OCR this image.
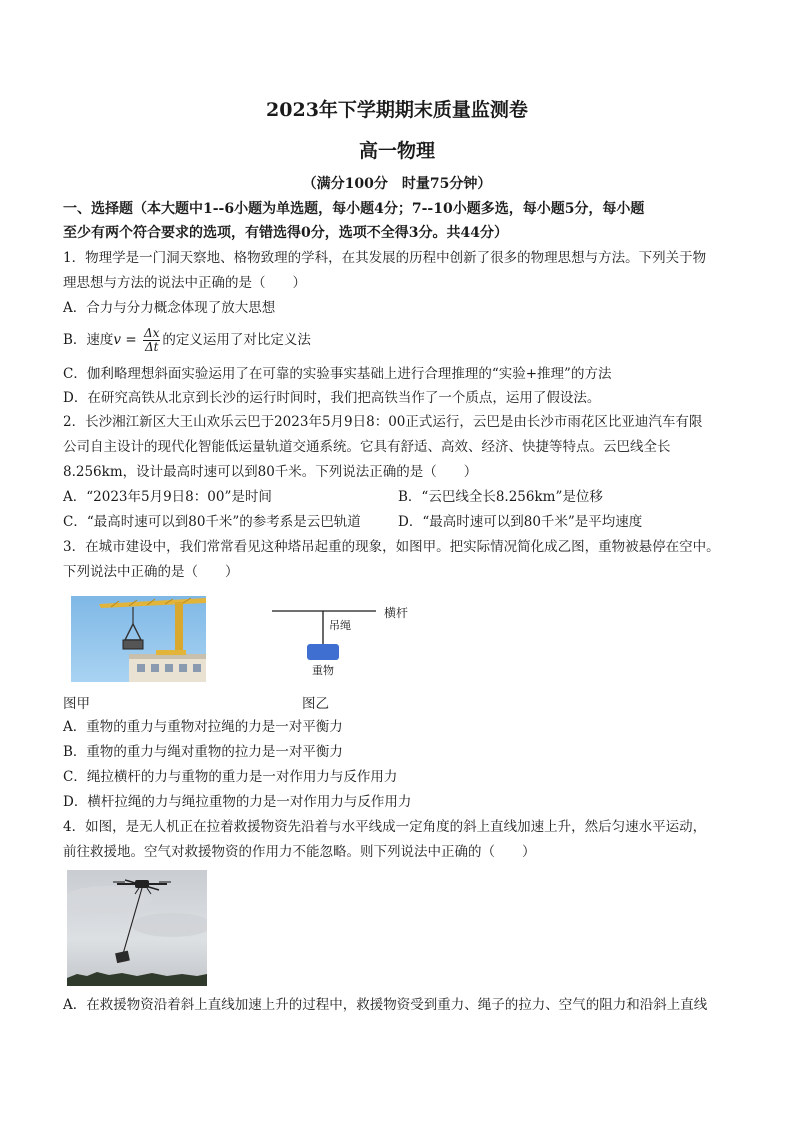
2023年下学期期末质量监测卷
高一物理
（满分100分　时量75分钟）
一、选择题（本大题中1--6小题为单选题，每小题4分；7--10小题多选，每小题5分，每小题
至少有两个符合要求的选项，有错选得0分，选项不全得3分。共44分）
1．物理学是一门洞天察地、格物致理的学科，在其发展的历程中创新了很多的物理思想与方法。下列关于物
理思想与方法的说法中正确的是（　　）
A．合力与分力概念体现了放大思想
B．速度$v = \frac{\Delta x}{\Delta t}$ 的定义运用了对比定义法
C．伽利略理想斜面实验运用了在可靠的实验事实基础上进行合理推理的“实验+推理”的方法
D．在研究高铁从北京到长沙的运行时间时，我们把高铁当作了一个质点，运用了假设法。
2．长沙湘江新区大王山欢乐云巴于2023年5月9日8：00正式运行，云巴是由长沙市雨花区比亚迪汽车有限
公司自主设计的现代化智能低运量轨道交通系统。它具有舒适、高效、经济、快捷等特点。云巴线全长
8.256km，设计最高时速可以到80千米。下列说法正确的是（　　）
A．“2023年5月9日8：00”是时间	B．“云巴线全长8.256km”是位移
C．“最高时速可以到80千米”的参考系是云巴轨道	D．“最高时速可以到80千米”是平均速度
3．在城市建设中，我们常常看见这种塔吊起重的现象，如图甲。把实际情况简化成乙图，重物被悬停在空中。
下列说法中正确的是（　　）
横杆
吊绳
重物
图甲	图乙
A．重物的重力与重物对拉绳的力是一对平衡力
B．重物的重力与绳对重物的拉力是一对平衡力
C．绳拉横杆的力与重物的重力是一对作用力与反作用力
D．横杆拉绳的力与绳拉重物的力是一对作用力与反作用力
4．如图，是无人机正在拉着救援物资先沿着与水平线成一定角度的斜上直线加速上升，然后匀速水平运动，
前往救援地。空气对救援物资的作用力不能忽略。则下列说法中正确的（　　）
A．在救援物资沿着斜上直线加速上升的过程中，救援物资受到重力、绳子的拉力、空气的阻力和沿斜上直线
